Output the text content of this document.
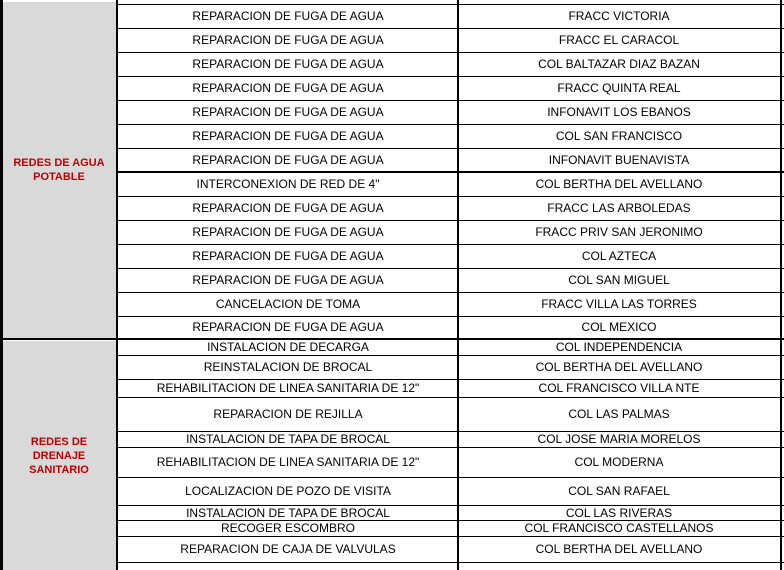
REDES DE AGUA
POTABLE
REPARACION DE FUGA DE AGUA	FRACC VICTORIA
REPARACION DE FUGA DE AGUA	FRACC EL CARACOL
REPARACION DE FUGA DE AGUA	COL BALTAZAR DIAZ BAZAN
REPARACION DE FUGA DE AGUA	FRACC QUINTA REAL
REPARACION DE FUGA DE AGUA	INFONAVIT LOS EBANOS
REPARACION DE FUGA DE AGUA	COL SAN FRANCISCO
REPARACION DE FUGA DE AGUA	INFONAVIT BUENAVISTA
INTERCONEXION DE RED DE 4"	COL BERTHA DEL AVELLANO
REPARACION DE FUGA DE AGUA	FRACC LAS ARBOLEDAS
REPARACION DE FUGA DE AGUA	FRACC PRIV SAN JERONIMO
REPARACION DE FUGA DE AGUA	COL AZTECA
REPARACION DE FUGA DE AGUA	COL SAN MIGUEL
CANCELACION DE TOMA	FRACC VILLA LAS TORRES
REPARACION DE FUGA DE AGUA	COL MEXICO
REDES DE
DRENAJE
SANITARIO
INSTALACION DE DECARGA	COL INDEPENDENCIA
REINSTALACION DE BROCAL	COL BERTHA DEL AVELLANO
REHABILITACION DE LINEA SANITARIA DE 12"	COL FRANCISCO VILLA NTE
REPARACION DE REJILLA	COL LAS PALMAS
INSTALACION DE TAPA DE BROCAL	COL JOSE MARIA MORELOS
REHABILITACION DE LINEA SANITARIA DE 12"	COL MODERNA
LOCALIZACION DE POZO DE VISITA	COL SAN RAFAEL
INSTALACION DE TAPA DE BROCAL	COL LAS RIVERAS
RECOGER ESCOMBRO	COL FRANCISCO CASTELLANOS
REPARACION DE CAJA DE VALVULAS	COL BERTHA DEL AVELLANO
